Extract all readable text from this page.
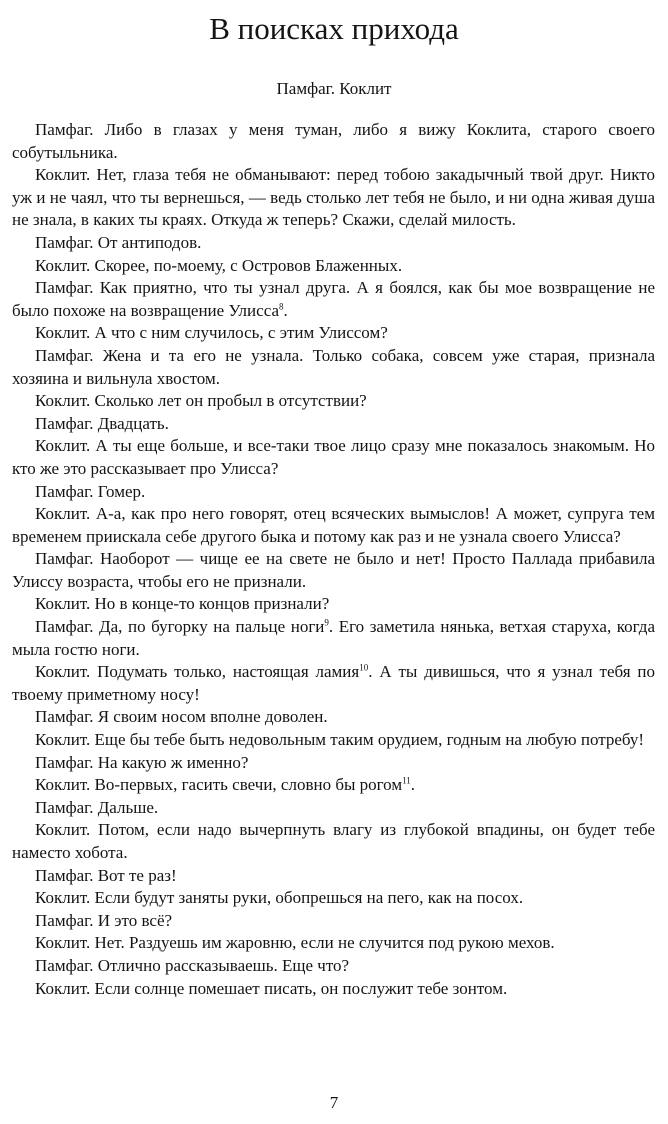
В поисках прихода
Памфаг. Коклит

Памфаг. Либо в глазах у меня туман, либо я вижу Коклита, старого своего собутыльника.

Коклит. Нет, глаза тебя не обманывают: перед тобою закадычный твой друг. Никто уж и не чаял, что ты вернешься, — ведь столько лет тебя не было, и ни одна живая душа не знала, в каких ты краях. Откуда ж теперь? Скажи, сделай милость.

Памфаг. От антиподов.

Коклит. Скорее, по-моему, с Островов Блаженных.

Памфаг. Как приятно, что ты узнал друга. А я боялся, как бы мое возвращение не было похоже на возвращение Улисса$^8$.

Коклит. А что с ним случилось, с этим Улиссом?

Памфаг. Жена и та его не узнала. Только собака, совсем уже старая, признала хозяина и вильнула хвостом.

Коклит. Сколько лет он пробыл в отсутствии?

Памфаг. Двадцать.

Коклит. А ты еще больше, и все-таки твое лицо сразу мне показалось знакомым. Но кто же это рассказывает про Улисса?

Памфаг. Гомер.

Коклит. А-а, как про него говорят, отец всяческих вымыслов! А может, супруга тем временем приискала себе другого быка и потому как раз и не узнала своего Улисса?

Памфаг. Наоборот — чище ее на свете не было и нет! Просто Паллада прибавила Улиссу возраста, чтобы его не признали.

Коклит. Но в конце-то концов признали?

Памфаг. Да, по бугорку на пальце ноги$^9$. Его заметила нянька, ветхая старуха, когда мыла гостю ноги.

Коклит. Подумать только, настоящая ламия$^{10}$. А ты дивишься, что я узнал тебя по твоему приметному носу!

Памфаг. Я своим носом вполне доволен.

Коклит. Еще бы тебе быть недовольным таким орудием, годным на любую потребу!

Памфаг. На какую ж именно?

Коклит. Во-первых, гасить свечи, словно бы рогом$^{11}$.

Памфаг. Дальше.

Коклит. Потом, если надо вычерпнуть влагу из глубокой впадины, он будет тебе наместо хобота.

Памфаг. Вот те раз!

Коклит. Если будут заняты руки, обопрешься на пего, как на посох.

Памфаг. И это всё?

Коклит. Нет. Раздуешь им жаровню, если не случится под рукою мехов.

Памфаг. Отлично рассказываешь. Еще что?

Коклит. Если солнце помешает писать, он послужит тебе зонтом.

7
